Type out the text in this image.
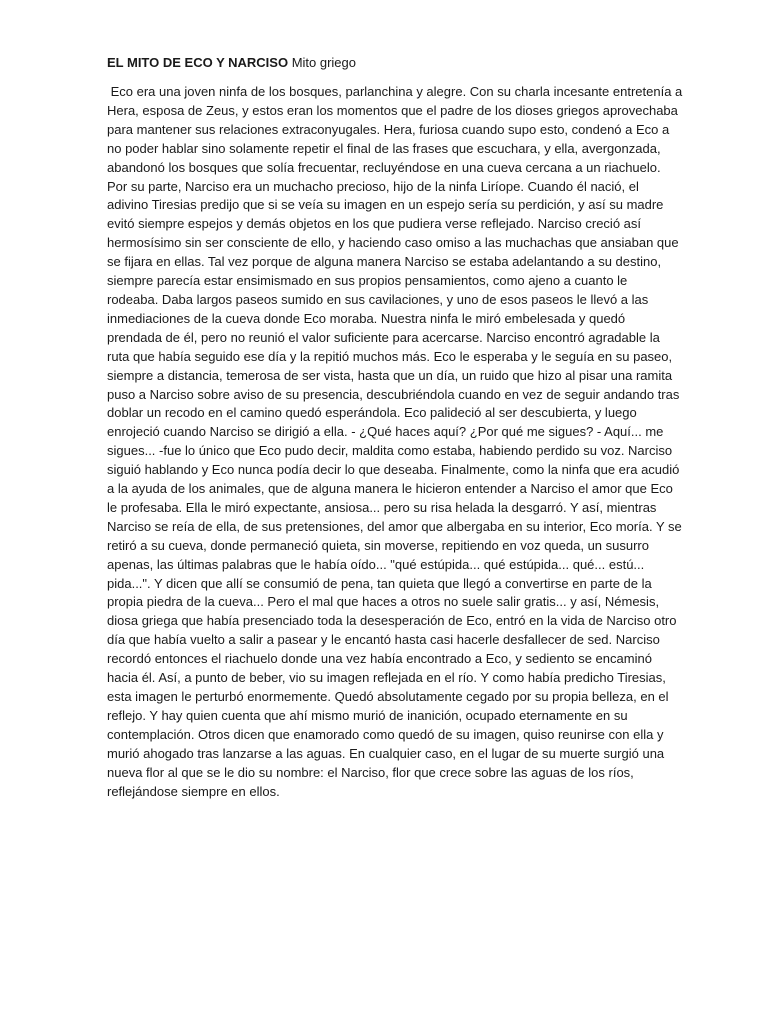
EL MITO DE ECO Y NARCISO Mito griego
Eco era una joven ninfa de los bosques, parlanchina y alegre. Con su charla incesante entretenía a
Hera, esposa de Zeus, y estos eran los momentos que el padre de los dioses griegos aprovechaba
para mantener sus relaciones extraconyugales. Hera, furiosa cuando supo esto, condenó a Eco a
no poder hablar sino solamente repetir el final de las frases que escuchara, y ella, avergonzada,
abandonó los bosques que solía frecuentar, recluyéndose en una cueva cercana a un riachuelo.
Por su parte, Narciso era un muchacho precioso, hijo de la ninfa Liríope. Cuando él nació, el
adivino Tiresias predijo que si se veía su imagen en un espejo sería su perdición, y así su madre
evitó siempre espejos y demás objetos en los que pudiera verse reflejado. Narciso creció así
hermosísimo sin ser consciente de ello, y haciendo caso omiso a las muchachas que ansiaban que
se fijara en ellas. Tal vez porque de alguna manera Narciso se estaba adelantando a su destino,
siempre parecía estar ensimismado en sus propios pensamientos, como ajeno a cuanto le
rodeaba. Daba largos paseos sumido en sus cavilaciones, y uno de esos paseos le llevó a las
inmediaciones de la cueva donde Eco moraba. Nuestra ninfa le miró embelesada y quedó
prendada de él, pero no reunió el valor suficiente para acercarse. Narciso encontró agradable la
ruta que había seguido ese día y la repitió muchos más. Eco le esperaba y le seguía en su paseo,
siempre a distancia, temerosa de ser vista, hasta que un día, un ruido que hizo al pisar una ramita
puso a Narciso sobre aviso de su presencia, descubriéndola cuando en vez de seguir andando tras
doblar un recodo en el camino quedó esperándola. Eco palideció al ser descubierta, y luego
enrojeció cuando Narciso se dirigió a ella. - ¿Qué haces aquí? ¿Por qué me sigues? - Aquí... me
sigues... -fue lo único que Eco pudo decir, maldita como estaba, habiendo perdido su voz. Narciso
siguió hablando y Eco nunca podía decir lo que deseaba. Finalmente, como la ninfa que era acudió
a la ayuda de los animales, que de alguna manera le hicieron entender a Narciso el amor que Eco
le profesaba. Ella le miró expectante, ansiosa... pero su risa helada la desgarró. Y así, mientras
Narciso se reía de ella, de sus pretensiones, del amor que albergaba en su interior, Eco moría. Y se
retiró a su cueva, donde permaneció quieta, sin moverse, repitiendo en voz queda, un susurro
apenas, las últimas palabras que le había oído... "qué estúpida... qué estúpida... qué... estú...
pida...". Y dicen que allí se consumió de pena, tan quieta que llegó a convertirse en parte de la
propia piedra de la cueva... Pero el mal que haces a otros no suele salir gratis... y así, Némesis,
diosa griega que había presenciado toda la desesperación de Eco, entró en la vida de Narciso otro
día que había vuelto a salir a pasear y le encantó hasta casi hacerle desfallecer de sed. Narciso
recordó entonces el riachuelo donde una vez había encontrado a Eco, y sediento se encaminó
hacia él. Así, a punto de beber, vio su imagen reflejada en el río. Y como había predicho Tiresias,
esta imagen le perturbó enormemente. Quedó absolutamente cegado por su propia belleza, en el
reflejo. Y hay quien cuenta que ahí mismo murió de inanición, ocupado eternamente en su
contemplación. Otros dicen que enamorado como quedó de su imagen, quiso reunirse con ella y
murió ahogado tras lanzarse a las aguas. En cualquier caso, en el lugar de su muerte surgió una
nueva flor al que se le dio su nombre: el Narciso, flor que crece sobre las aguas de los ríos,
reflejándose siempre en ellos.
